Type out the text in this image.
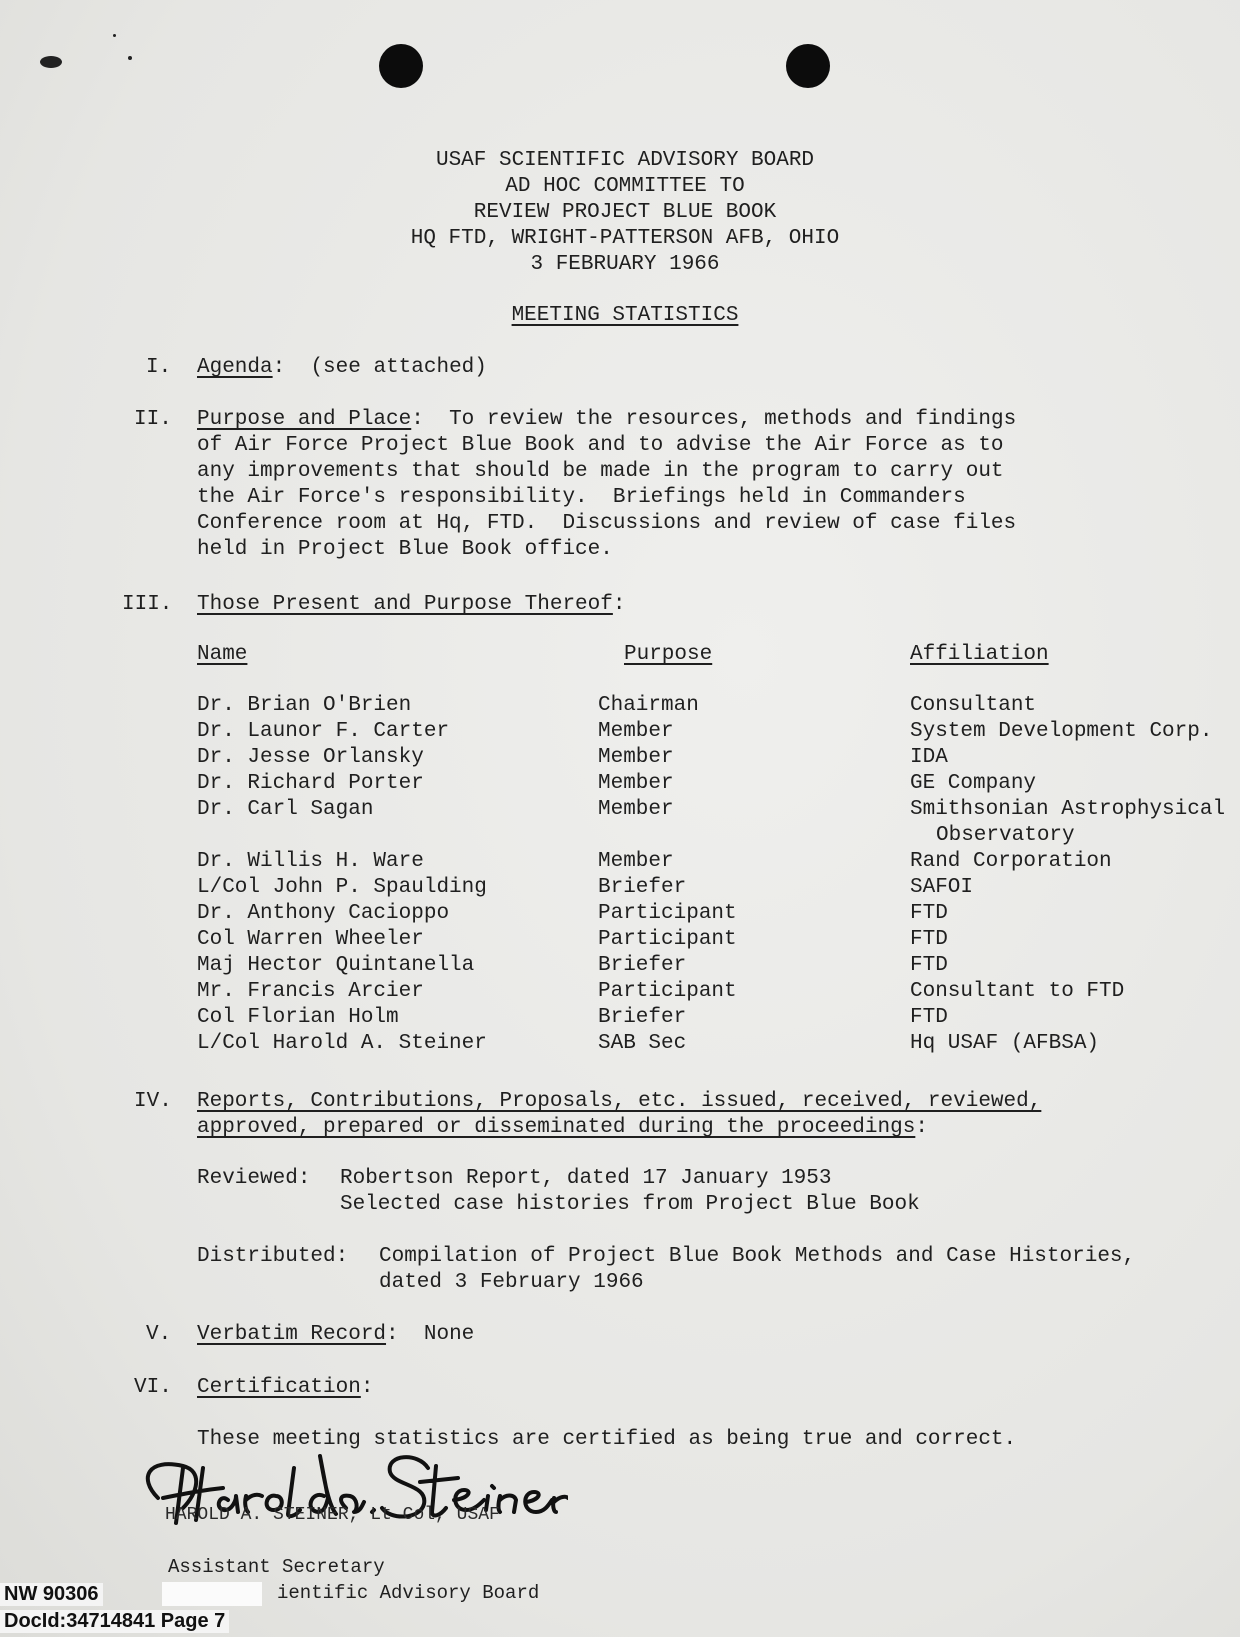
USAF SCIENTIFIC ADVISORY BOARD
AD HOC COMMITTEE TO
REVIEW PROJECT BLUE BOOK
HQ FTD, WRIGHT-PATTERSON AFB, OHIO
3 FEBRUARY 1966
MEETING STATISTICS
I. Agenda: (see attached)
II. Purpose and Place: To review the resources, methods and findings
of Air Force Project Blue Book and to advise the Air Force as to
any improvements that should be made in the program to carry out
the Air Force's responsibility.  Briefings held in Commanders
Conference room at Hq, FTD.  Discussions and review of case files
held in Project Blue Book office.
III. Those Present and Purpose Thereof:
Name	Purpose	Affiliation
Dr. Brian O'Brien	Chairman	Consultant
Dr. Launor F. Carter	Member	System Development Corp.
Dr. Jesse Orlansky	Member	IDA
Dr. Richard Porter	Member	GE Company
Dr. Carl Sagan	Member	Smithsonian Astrophysical
Observatory
Dr. Willis H. Ware	Member	Rand Corporation
L/Col John P. Spaulding	Briefer	SAFOI
Dr. Anthony Cacioppo	Participant	FTD
Col Warren Wheeler	Participant	FTD
Maj Hector Quintanella	Briefer	FTD
Mr. Francis Arcier	Participant	Consultant to FTD
Col Florian Holm	Briefer	FTD
L/Col Harold A. Steiner	SAB Sec	Hq USAF (AFBSA)
IV. Reports, Contributions, Proposals, etc. issued, received, reviewed,
approved, prepared or disseminated during the proceedings:
Reviewed: Robertson Report, dated 17 January 1953
Selected case histories from Project Blue Book
Distributed: Compilation of Project Blue Book Methods and Case Histories,
dated 3 February 1966
V. Verbatim Record: None
VI. Certification:
These meeting statistics are certified as being true and correct.
HAROLD A. STEINER, Lt Col, USAF
Assistant Secretary
ientific Advisory Board
NW 90306
DocId:34714841 Page 7
